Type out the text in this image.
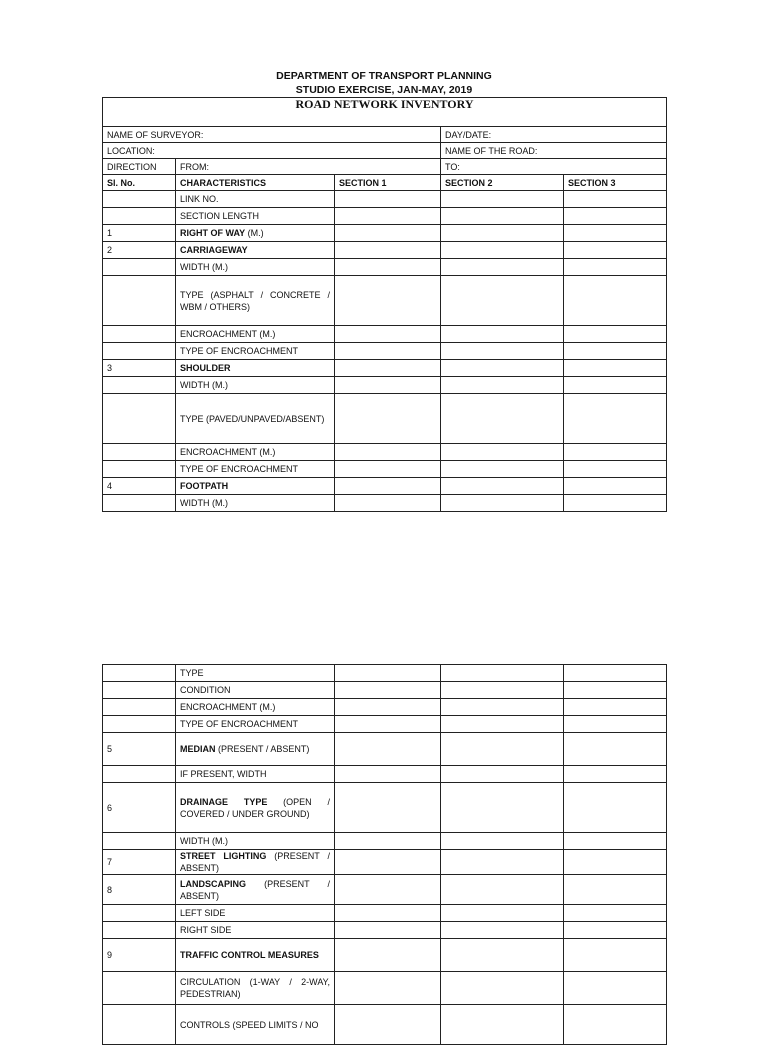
DEPARTMENT OF TRANSPORT PLANNING
STUDIO EXERCISE, JAN-MAY, 2019
ROAD NETWORK INVENTORY				
NAME OF SURVEYOR:			DAY/DATE:	
LOCATION:			NAME OF THE ROAD:	
DIRECTION	FROM:		TO:	
Sl. No.	CHARACTERISTICS	SECTION 1	SECTION 2	SECTION 3
	LINK NO.			
	SECTION LENGTH			
1	RIGHT OF WAY (M.)			
2	CARRIAGEWAY			
	WIDTH (M.)			
	TYPE (ASPHALT / CONCRETE / WBM / OTHERS)			
	ENCROACHMENT (M.)			
	TYPE OF ENCROACHMENT			
3	SHOULDER			
	WIDTH (M.)			
	TYPE (PAVED/UNPAVED/ABSENT)			
	ENCROACHMENT (M.)			
	TYPE OF ENCROACHMENT			
4	FOOTPATH			
	WIDTH (M.)			
	TYPE			
	CONDITION			
	ENCROACHMENT (M.)			
	TYPE OF ENCROACHMENT			
5	MEDIAN (PRESENT / ABSENT)			
	IF PRESENT, WIDTH			
6	DRAINAGE TYPE (OPEN / COVERED / UNDER GROUND)			
	WIDTH (M.)			
7	STREET LIGHTING (PRESENT / ABSENT)			
8	LANDSCAPING (PRESENT / ABSENT)			
	LEFT SIDE			
	RIGHT SIDE			
9	TRAFFIC CONTROL MEASURES			
	CIRCULATION (1-WAY / 2-WAY, PEDESTRIAN)			
	CONTROLS (SPEED LIMITS / NO			
